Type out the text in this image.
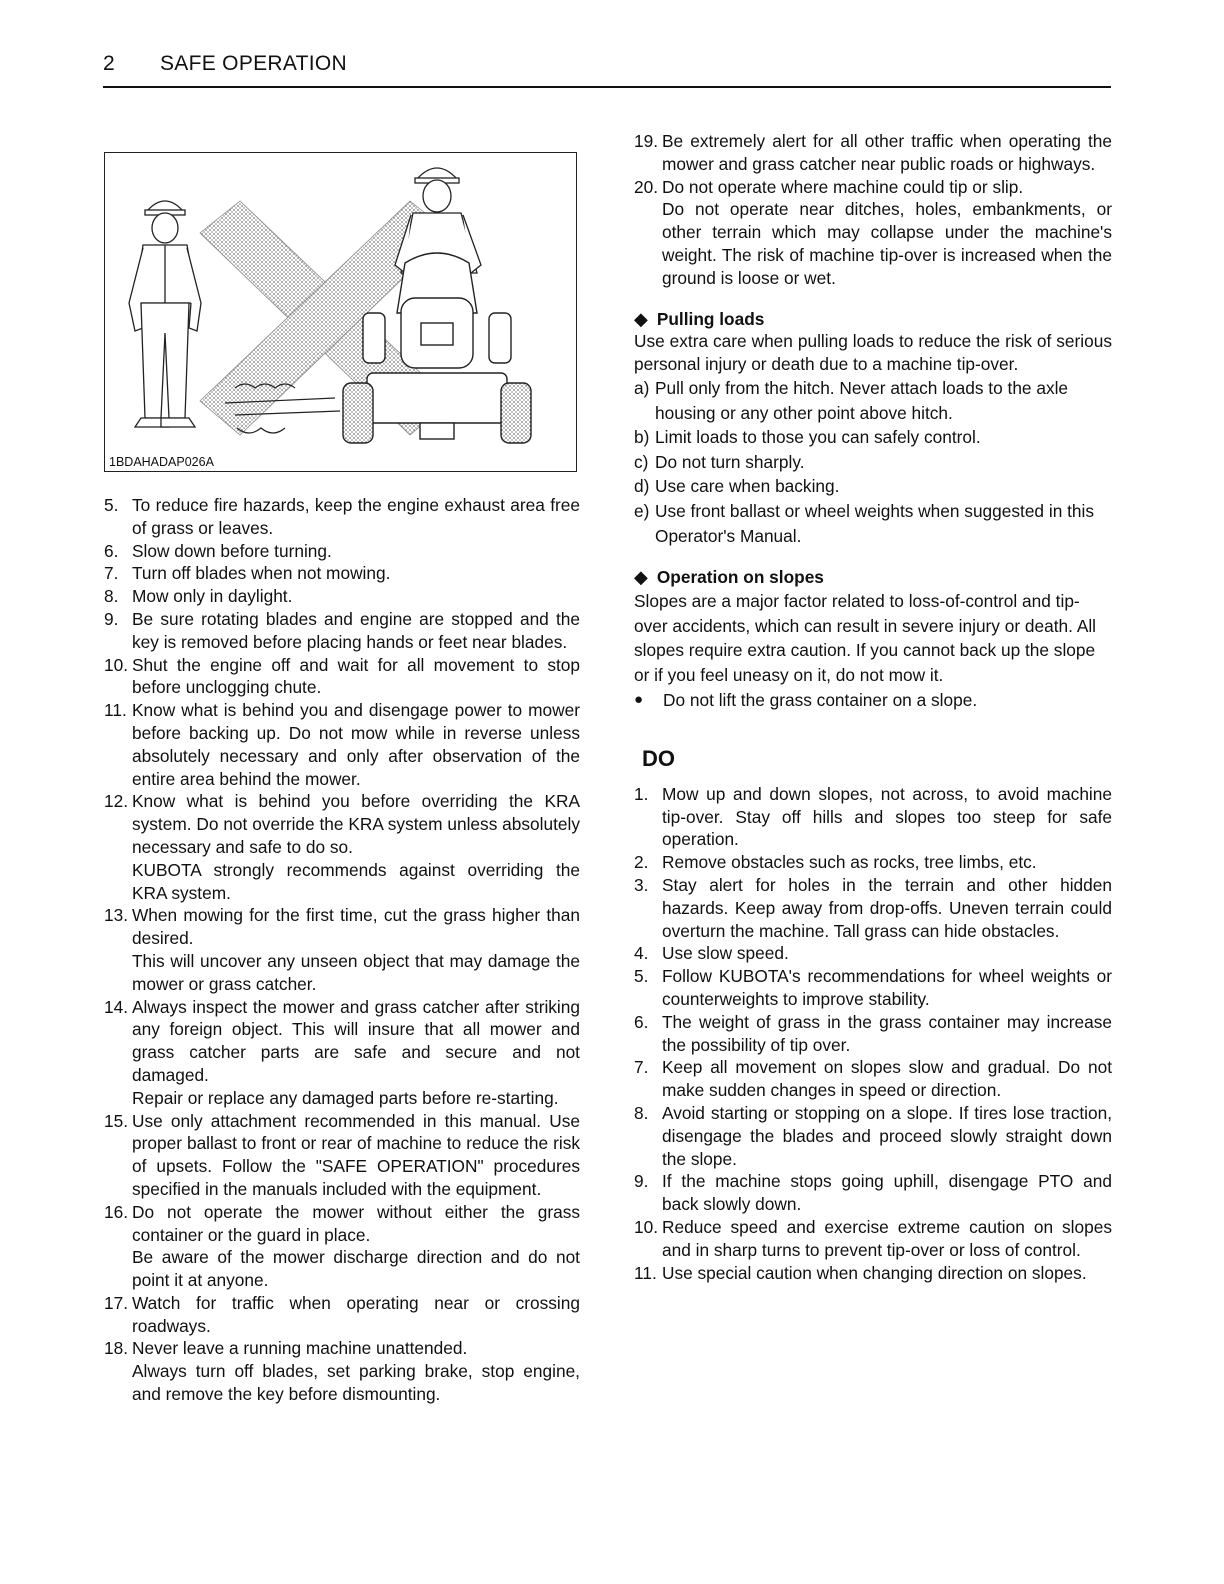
2 SAFE OPERATION
1BDAHADAP026A
5. To reduce fire hazards, keep the engine exhaust area free of grass or leaves.
6. Slow down before turning.
7. Turn off blades when not mowing.
8. Mow only in daylight.
9. Be sure rotating blades and engine are stopped and the key is removed before placing hands or feet near blades.
10. Shut the engine off and wait for all movement to stop before unclogging chute.
11. Know what is behind you and disengage power to mower before backing up. Do not mow while in reverse unless absolutely necessary and only after observation of the entire area behind the mower.
12. Know what is behind you before overriding the KRA system. Do not override the KRA system unless absolutely necessary and safe to do so.
KUBOTA strongly recommends against overriding the KRA system.
13. When mowing for the first time, cut the grass higher than desired.
This will uncover any unseen object that may damage the mower or grass catcher.
14. Always inspect the mower and grass catcher after striking any foreign object. This will insure that all mower and grass catcher parts are safe and secure and not damaged.
Repair or replace any damaged parts before re-starting.
15. Use only attachment recommended in this manual. Use proper ballast to front or rear of machine to reduce the risk of upsets. Follow the "SAFE OPERATION" procedures specified in the manuals included with the equipment.
16. Do not operate the mower without either the grass container or the guard in place.
Be aware of the mower discharge direction and do not point it at anyone.
17. Watch for traffic when operating near or crossing roadways.
18. Never leave a running machine unattended.
Always turn off blades, set parking brake, stop engine, and remove the key before dismounting.
19. Be extremely alert for all other traffic when operating the mower and grass catcher near public roads or highways.
20. Do not operate where machine could tip or slip.
Do not operate near ditches, holes, embankments, or other terrain which may collapse under the machine's weight. The risk of machine tip-over is increased when the ground is loose or wet.
◆ Pulling loads
Use extra care when pulling loads to reduce the risk of serious personal injury or death due to a machine tip-over.
a) Pull only from the hitch. Never attach loads to the axle housing or any other point above hitch.
b) Limit loads to those you can safely control.
c) Do not turn sharply.
d) Use care when backing.
e) Use front ballast or wheel weights when suggested in this Operator's Manual.
◆ Operation on slopes
Slopes are a major factor related to loss-of-control and tip-over accidents, which can result in severe injury or death. All slopes require extra caution. If you cannot back up the slope or if you feel uneasy on it, do not mow it.
●	Do not lift the grass container on a slope.
DO
1. Mow up and down slopes, not across, to avoid machine tip-over. Stay off hills and slopes too steep for safe operation.
2. Remove obstacles such as rocks, tree limbs, etc.
3. Stay alert for holes in the terrain and other hidden hazards. Keep away from drop-offs. Uneven terrain could overturn the machine. Tall grass can hide obstacles.
4. Use slow speed.
5. Follow KUBOTA's recommendations for wheel weights or counterweights to improve stability.
6. The weight of grass in the grass container may increase the possibility of tip over.
7. Keep all movement on slopes slow and gradual. Do not make sudden changes in speed or direction.
8. Avoid starting or stopping on a slope. If tires lose traction, disengage the blades and proceed slowly straight down the slope.
9. If the machine stops going uphill, disengage PTO and back slowly down.
10. Reduce speed and exercise extreme caution on slopes and in sharp turns to prevent tip-over or loss of control.
11. Use special caution when changing direction on slopes.
